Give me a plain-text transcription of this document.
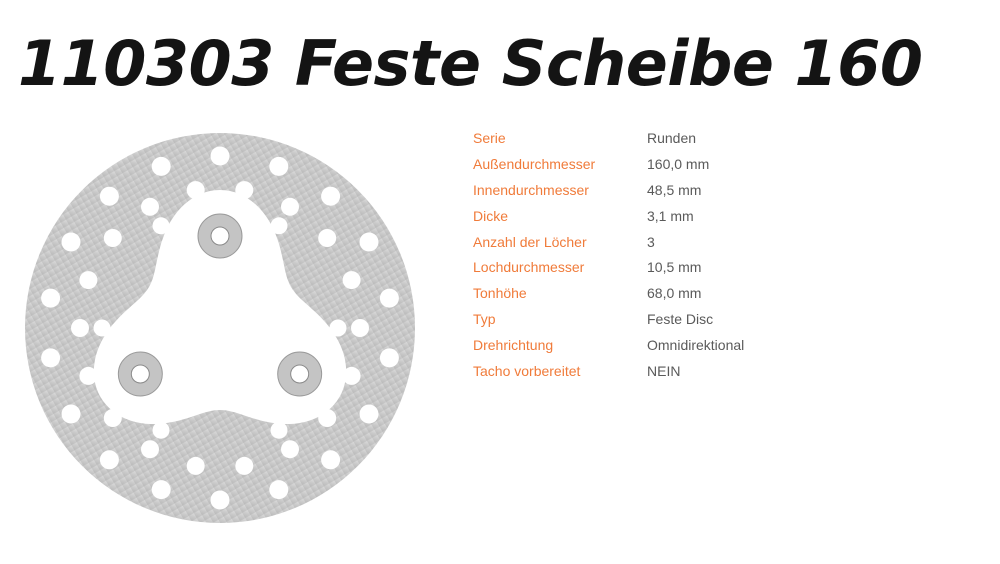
110303 Feste Scheibe 160
Serie	Runden
Außendurchmesser	160,0 mm
Innendurchmesser	48,5 mm
Dicke	3,1 mm
Anzahl der Löcher	3
Lochdurchmesser	10,5 mm
Tonhöhe	68,0 mm
Typ	Feste Disc
Drehrichtung	Omnidirektional
Tacho vorbereitet	NEIN
